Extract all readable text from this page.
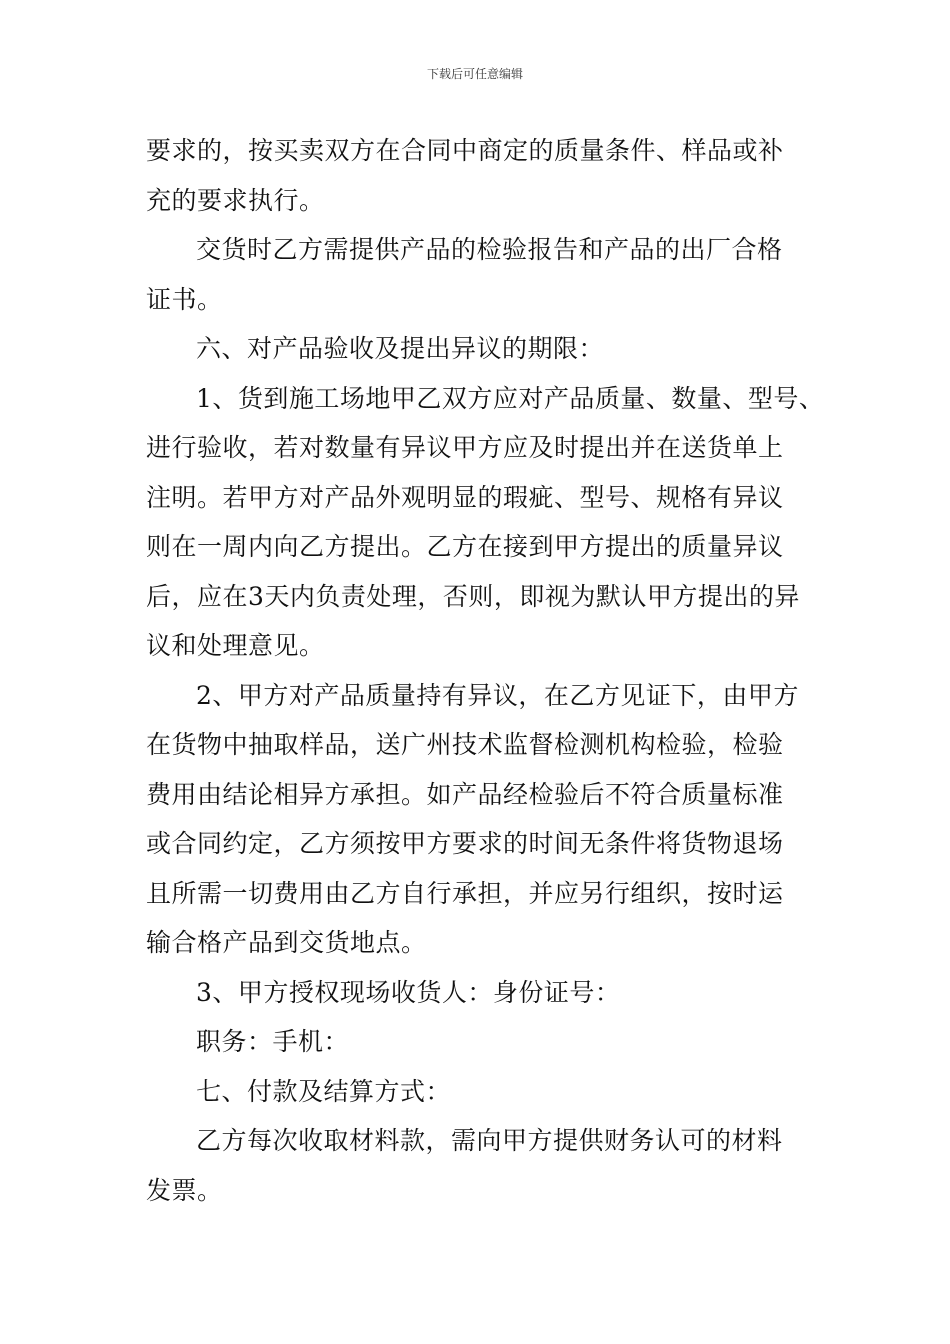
下载后可任意编辑
要求的，按买卖双方在合同中商定的质量条件、样品或补
充的要求执行。
交货时乙方需提供产品的检验报告和产品的出厂合格
证书。
六、对产品验收及提出异议的期限：
1、货到施工场地甲乙双方应对产品质量、数量、型号、
进行验收，若对数量有异议甲方应及时提出并在送货单上
注明。若甲方对产品外观明显的瑕疵、型号、规格有异议
则在一周内向乙方提出。乙方在接到甲方提出的质量异议
后，应在3天内负责处理，否则，即视为默认甲方提出的异
议和处理意见。
2、甲方对产品质量持有异议，在乙方见证下，由甲方
在货物中抽取样品，送广州技术监督检测机构检验，检验
费用由结论相异方承担。如产品经检验后不符合质量标准
或合同约定，乙方须按甲方要求的时间无条件将货物退场
且所需一切费用由乙方自行承担，并应另行组织，按时运
输合格产品到交货地点。
3、甲方授权现场收货人：身份证号：
职务：手机：
七、付款及结算方式：
乙方每次收取材料款，需向甲方提供财务认可的材料
发票。
